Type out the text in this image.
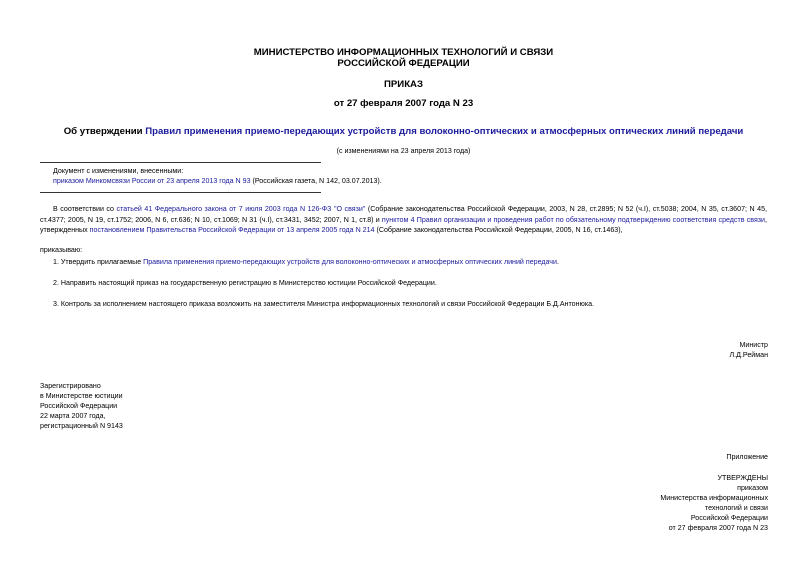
МИНИСТЕРСТВО ИНФОРМАЦИОННЫХ ТЕХНОЛОГИЙ И СВЯЗИ
РОССИЙСКОЙ ФЕДЕРАЦИИ
ПРИКАЗ
от 27 февраля 2007 года N 23
Об утверждении Правил применения приемо-передающих устройств для волоконно-оптических и атмосферных оптических линий передачи
(с изменениями на 23 апреля 2013 года)
Документ с изменениями, внесенными:
приказом Минкомсвязи России от 23 апреля 2013 года N 93 (Российская газета, N 142, 03.07.2013).
В соответствии со статьей 41 Федерального закона от 7 июля 2003 года N 126-ФЗ "О связи" (Собрание законодательства Российской Федерации, 2003, N 28, ст.2895; N 52 (ч.I), ст.5038; 2004, N 35, ст.3607; N 45, ст.4377; 2005, N 19, ст.1752; 2006, N 6, ст.636; N 10, ст.1069; N 31 (ч.I), ст.3431, 3452; 2007, N 1, ст.8) и пунктом 4 Правил организации и проведения работ по обязательному подтверждению соответствия средств связи, утвержденных постановлением Правительства Российской Федерации от 13 апреля 2005 года N 214 (Собрание законодательства Российской Федерации, 2005, N 16, ст.1463),
приказываю:
1. Утвердить прилагаемые Правила применения приемо-передающих устройств для волоконно-оптических и атмосферных оптических линий передачи.
2. Направить настоящий приказ на государственную регистрацию в Министерство юстиции Российской Федерации.
3. Контроль за исполнением настоящего приказа возложить на заместителя Министра информационных технологий и связи Российской Федерации Б.Д.Антонюка.
Министр
Л.Д.Рейман
Зарегистрировано
в Министерстве юстиции
Российской Федерации
22 марта 2007 года,
регистрационный N 9143
Приложение
УТВЕРЖДЕНЫ
приказом
Министерства информационных
технологий и связи
Российской Федерации
от 27 февраля 2007 года N 23
